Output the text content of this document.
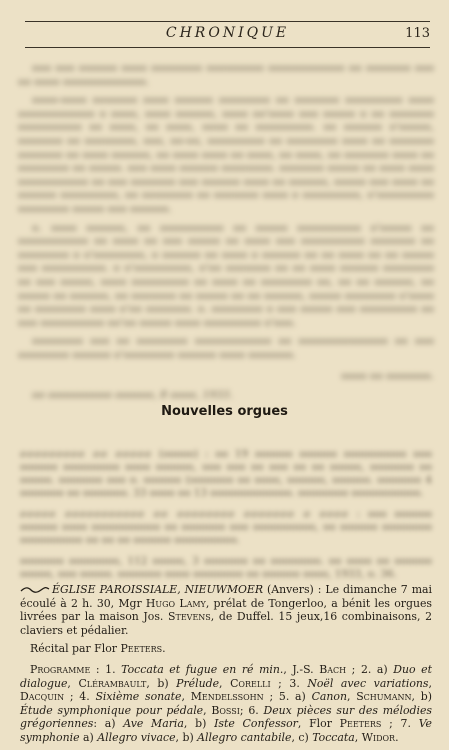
CHRONIQUE	113

ooo ooo oooooo oooo oooooooo ooooooooo oooooooooooo oo ooooooo ooo oo oooo ooooooooooooo.

oooo-oooo ooooooo oooo oooooo oooooooo oo ooooooo ooooooooo oooo oooooooooooo o oooo, oooo oooooo, oooo oo'oooo ooo ooooo o oo ooooooo oooooooooo oo oooo, oo oooo, oooo oo ooooooooo. oo oooooo o'ooooo, ooooooo oo oooooooo, ooo, oo-oo, ooooooooo oo oooooooo oooo oo ooooooo ooooooo oo oooo oooooo, oo oooo oooo oo oooo, oo oooo, oo ooooooo oooo oo oooooooo oo ooooo. ooo oooo oooooo oooooooo. ooooooo ooooo oo oooo oooo ooooooooooo oo ooo ooooooo ooo oooooo oooo oo oooooo, ooooo ooo oooo oo oooooo ooooooooo, oo oooooooo oo ooooooo oooo o ooooooooo, o'ooooooooo oooooooo ooooo ooo oooooo.

o. oooo oooooo, oo oooooooooo oo ooooo oooooooooo o'ooooo oo ooooooooooo oo oooo oo ooo ooooo oo oooo ooo oooooooooo ooooooo oo oooooooo o o'oooooooo, o oooooo oo oooo o oooooo oo oo oooo oo oo ooooo ooo oooooooooo. o o'ooooooooo, o'oo ooooooo oo oo oooo oooooo oooooooo oo ooo ooooo, oooo ooooooooo oo oooo oo oooooooo oo, oo oo oooooo, oo ooooo oo oooooo, oo ooooooo oo ooooo oo oo oooooo, ooooo oooooooo o'oooo oo oooooooo oooo o'oo ooooooo. o. oooooooo o ooo ooooo ooo ooooooooo oo ooo oooooooooo oo'oo ooooo oooo ooooooooo o'ooo.

oooooooo ooo oo oooooooo oooooooooooo oo oooooooooooooo oo ooo oooooooo oooooo o'oooooooo oooooo oooo ooooooo.

oooo oo ooooooo.

oo oooooooooo oooooo, 8 oooo, 1933.

Nouvelles orgues

ooooooooo oo ooooo (ooooo) : oo 19 oooooo oooooo oooooooooo ooo oooooo ooooooooo oooo oooooo, ooo ooo oo ooo oo oo ooooo, ooooooo oo ooooo. ooooooo ooo o. oooooo (ooooooo oo oooo, oooooo, oooooo. ooooooo 4 ooooooo oo ooooooo. 33 oooo oo 13 ooooooooooooo. oooooooo ooooooooooo.

ooooo ooooooooooo oo oooooooo ooooooo o oooo : ooo oooooo oooooo oooo ooooooooooo oo ooooooo ooo oooooooooo, oo oooooo oooooooo oooooooooo oo oo oo oooooo oooooooooo.

ooooooo oooooooo, 112 ooooo, 3 ooooooo oo oooooooo. oo oooo oo oooooo ooooo, ooo ooooo. ooooooo oooo oooooooo oo oooooo oooo, 1933, o. 36.

ÉGLISE PAROISSIALE, NIEUWMOER (Anvers) : Le dimanche 7 mai écoulé à 2 h. 30, Mgr Hugo Lamy, prélat de Tongerloo, a bénit les orgues livrées par la maison Jos. Stevens, de Duffel. 15 jeux,16 combinaisons, 2 claviers et pédalier.

Récital par Flor Peeters.

Programme : 1. Toccata et fugue en ré min., J.-S. Bach ; 2. a) Duo et dialogue, Clérambault, b) Prélude, Corelli ; 3. Noël avec variations, Dacquin ; 4. Sixième sonate, Mendelssohn ; 5. a) Canon, Schumann, b) Étude symphonique pour pédale, Bossi; 6. Deux pièces sur des mélodies grégoriennes: a) Ave Maria, b) Iste Confessor, Flor Peeters ; 7. Ve symphonie a) Allegro vivace, b) Allegro cantabile, c) Toccata, Widor.
